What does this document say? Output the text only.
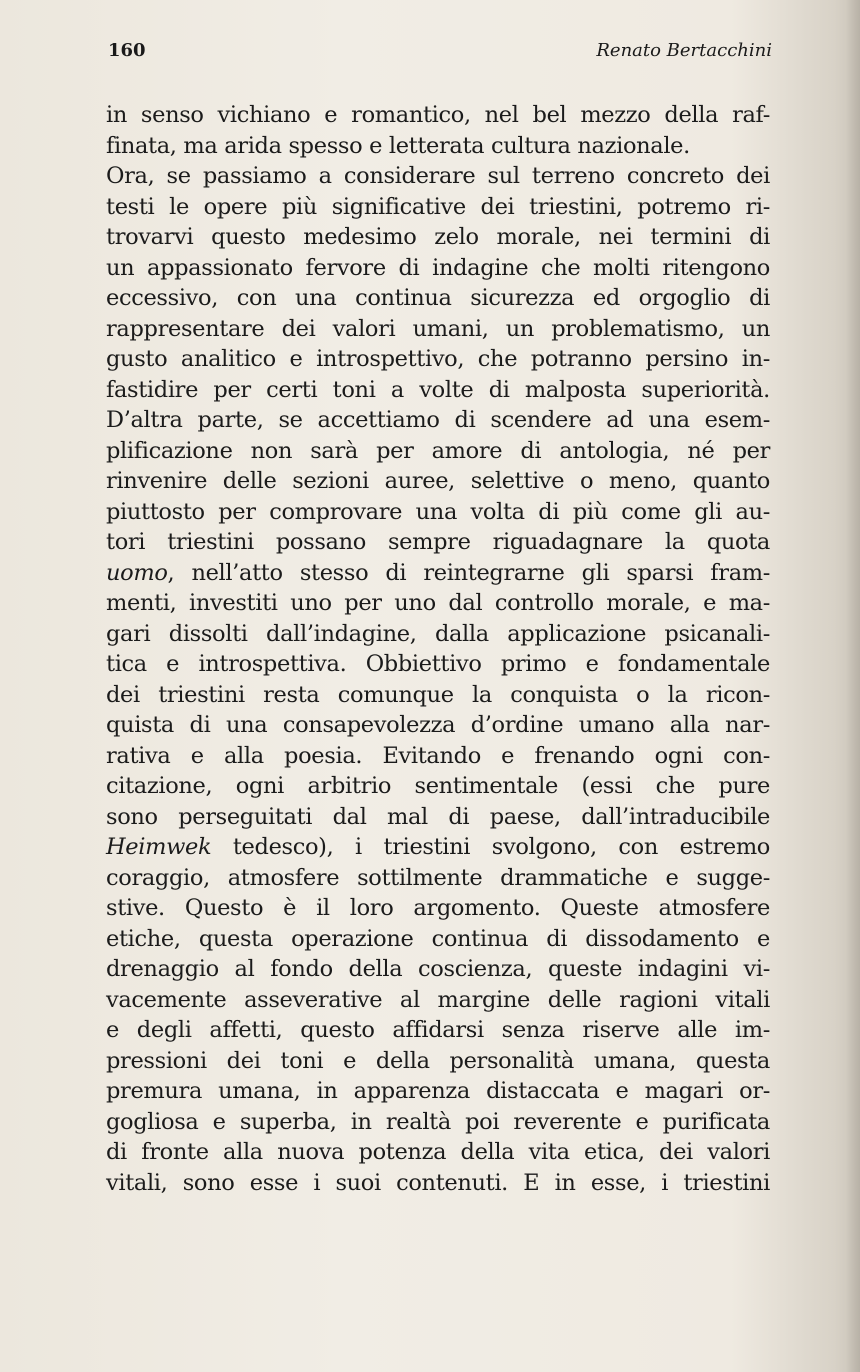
160	Renato Bertacchini
in senso vichiano e romantico, nel bel mezzo della raf-
finata, ma arida spesso e letterata cultura nazionale.
Ora, se passiamo a considerare sul terreno concreto dei
testi le opere più significative dei triestini, potremo ri-
trovarvi questo medesimo zelo morale, nei termini di
un appassionato fervore di indagine che molti ritengono
eccessivo, con una continua sicurezza ed orgoglio di
rappresentare dei valori umani, un problematismo, un
gusto analitico e introspettivo, che potranno persino in-
fastidire per certi toni a volte di malposta superiorità.
D’altra parte, se accettiamo di scendere ad una esem-
plificazione non sarà per amore di antologia, né per
rinvenire delle sezioni auree, selettive o meno, quanto
piuttosto per comprovare una volta di più come gli au-
tori triestini possano sempre riguadagnare la quota
uomo, nell’atto stesso di reintegrarne gli sparsi fram-
menti, investiti uno per uno dal controllo morale, e ma-
gari dissolti dall’indagine, dalla applicazione psicanali-
tica e introspettiva. Obbiettivo primo e fondamentale
dei triestini resta comunque la conquista o la ricon-
quista di una consapevolezza d’ordine umano alla nar-
rativa e alla poesia. Evitando e frenando ogni con-
citazione, ogni arbitrio sentimentale (essi che pure
sono perseguitati dal mal di paese, dall’intraducibile
Heimwek tedesco), i triestini svolgono, con estremo
coraggio, atmosfere sottilmente drammatiche e sugge-
stive. Questo è il loro argomento. Queste atmosfere
etiche, questa operazione continua di dissodamento e
drenaggio al fondo della coscienza, queste indagini vi-
vacemente asseverative al margine delle ragioni vitali
e degli affetti, questo affidarsi senza riserve alle im-
pressioni dei toni e della personalità umana, questa
premura umana, in apparenza distaccata e magari or-
gogliosa e superba, in realtà poi reverente e purificata
di fronte alla nuova potenza della vita etica, dei valori
vitali, sono esse i suoi contenuti. E in esse, i triestini
